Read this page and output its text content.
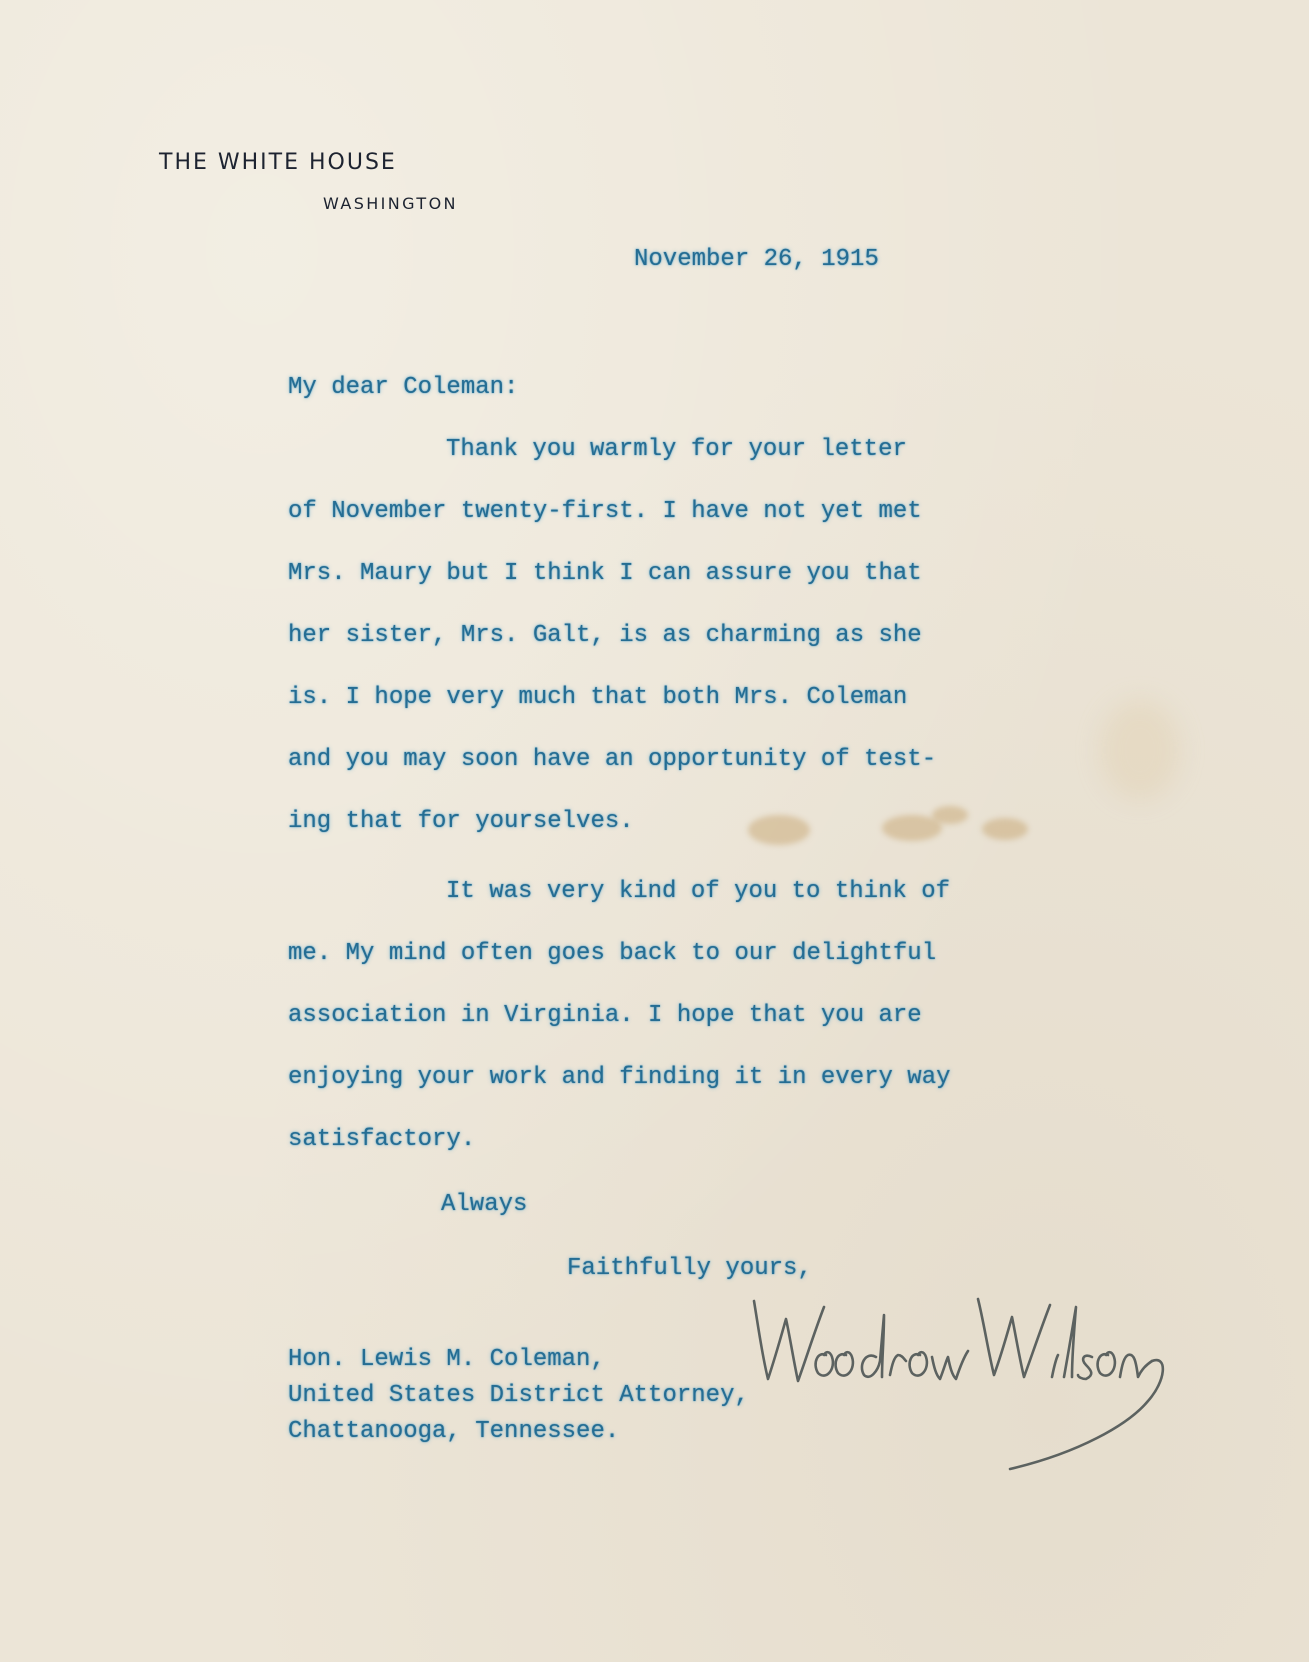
THE WHITE HOUSE
WASHINGTON
November 26, 1915
My dear Coleman:
Thank you warmly for your letter
of November twenty-first. I have not yet met
Mrs. Maury but I think I can assure you that
her sister, Mrs. Galt, is as charming as she
is. I hope very much that both Mrs. Coleman
and you may soon have an opportunity of test-
ing that for yourselves.
It was very kind of you to think of
me. My mind often goes back to our delightful
association in Virginia. I hope that you are
enjoying your work and finding it in every way
satisfactory.
Always
Faithfully yours,
Hon. Lewis M. Coleman,
United States District Attorney,
Chattanooga, Tennessee.
